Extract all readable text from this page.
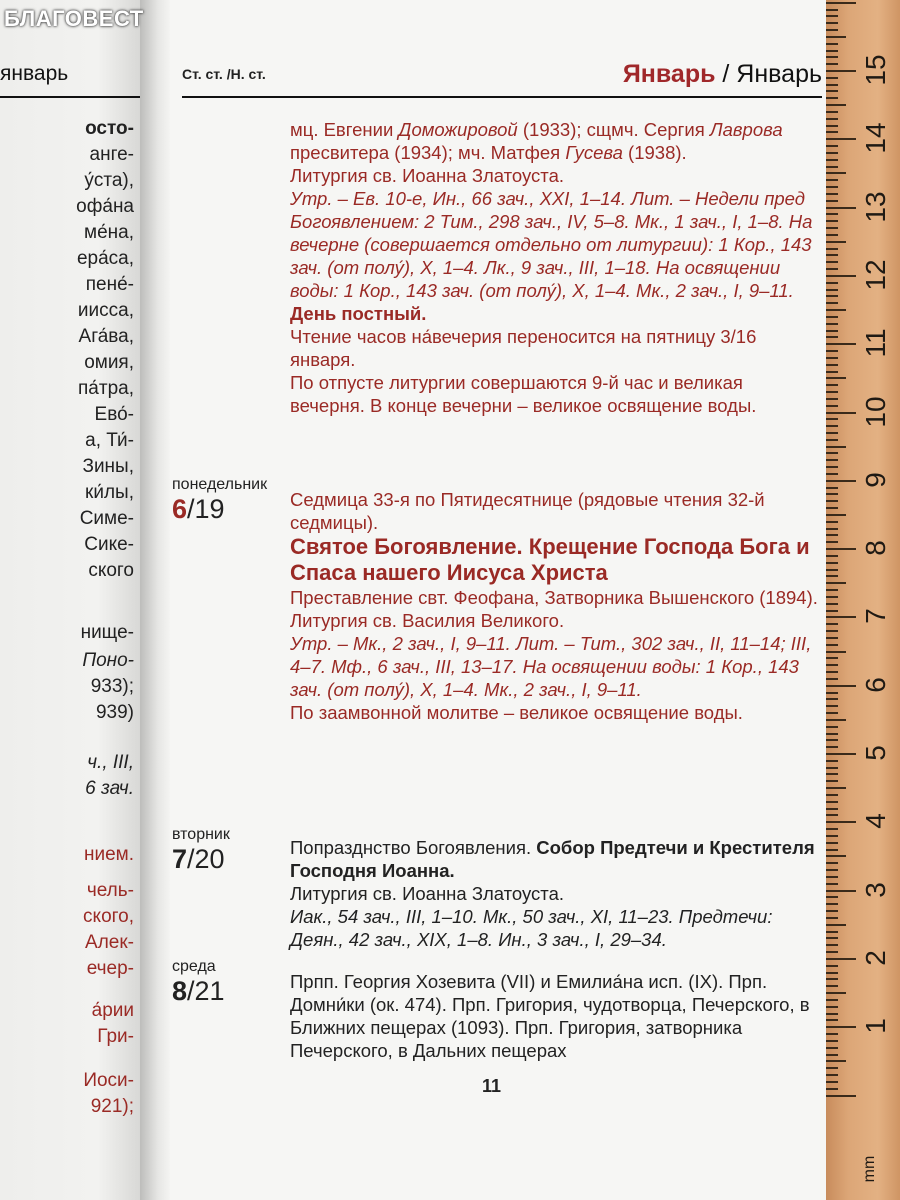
январь
осто-
анге-
у́ста),
офа́на
ме́на,
ера́са,
пене́-
иисса,
Ага́ва,
омия,
па́тра,
Ево́-
а, Ти́-
Зины,
ки́лы,
Симе-
Сике-
ского
нище-
Поно-
933);
939)
ч., III,
6 зач.
нием.
чель-
ского,
Алек-
ечер-
а́рии
Гри-
Иоси-
921);
Ст. ст. /Н. ст.	Январь / Январь

мц. Евгении Доможировой (1933); сщмч. Сергия Лаврова пресвитера (1934); мч. Матфея Гусева (1938).

Литургия св. Иоанна Златоуста.

Утр. – Ев. 10-е, Ин., 66 зач., XXI, 1–14. Лит. – Недели пред Богоявлением: 2 Тим., 298 зач., IV, 5–8. Мк., 1 зач., I, 1–8. На вечерне (совершается отдельно от литургии): 1 Кор., 143 зач. (от полу́), X, 1–4. Лк., 9 зач., III, 1–18. На освящении воды: 1 Кор., 143 зач. (от полу́), X, 1–4. Мк., 2 зач., I, 9–11.

День постный.

Чтение часов на́вечерия переносится на пятницу 3/16 января.

По отпусте литургии совершаются 9-й час и великая вечерня. В конце вечерни – великое освящение воды.

понедельник
6/19	Седмица 33-я по Пятидесятнице (рядовые чтения 32-й седмицы).

Святое Богоявление. Крещение Господа Бога и Спаса нашего Иисуса Христа

Преставление свт. Феофана, Затворника Вышенского (1894).

Литургия св. Василия Великого.

Утр. – Мк., 2 зач., I, 9–11. Лит. – Тит., 302 зач., II, 11–14; III, 4–7. Мф., 6 зач., III, 13–17. На освящении воды: 1 Кор., 143 зач. (от полу́), X, 1–4. Мк., 2 зач., I, 9–11.

По заамвонной молитве – великое освящение воды.

вторник
7/20	Попразднство Богоявления. Собор Предтечи и Крестителя Господня Иоанна.

Литургия св. Иоанна Златоуста.

Иак., 54 зач., III, 1–10. Мк., 50 зач., XI, 11–23. Предтечи: Деян., 42 зач., XIX, 1–8. Ин., 3 зач., I, 29–34.

среда
8/21	Прпп. Георгия Хозевита (VII) и Емилиа́на исп. (IX). Прп. Домни́ки (ок. 474). Прп. Григория, чудотворца, Печерского, в Ближних пещерах (1093). Прп. Григория, затворника Печерского, в Дальних пещерах

11
БЛАГОВЕСТ
15
14
13
12
11
10
9
8
7
6
5
4
3
2
1
mm
